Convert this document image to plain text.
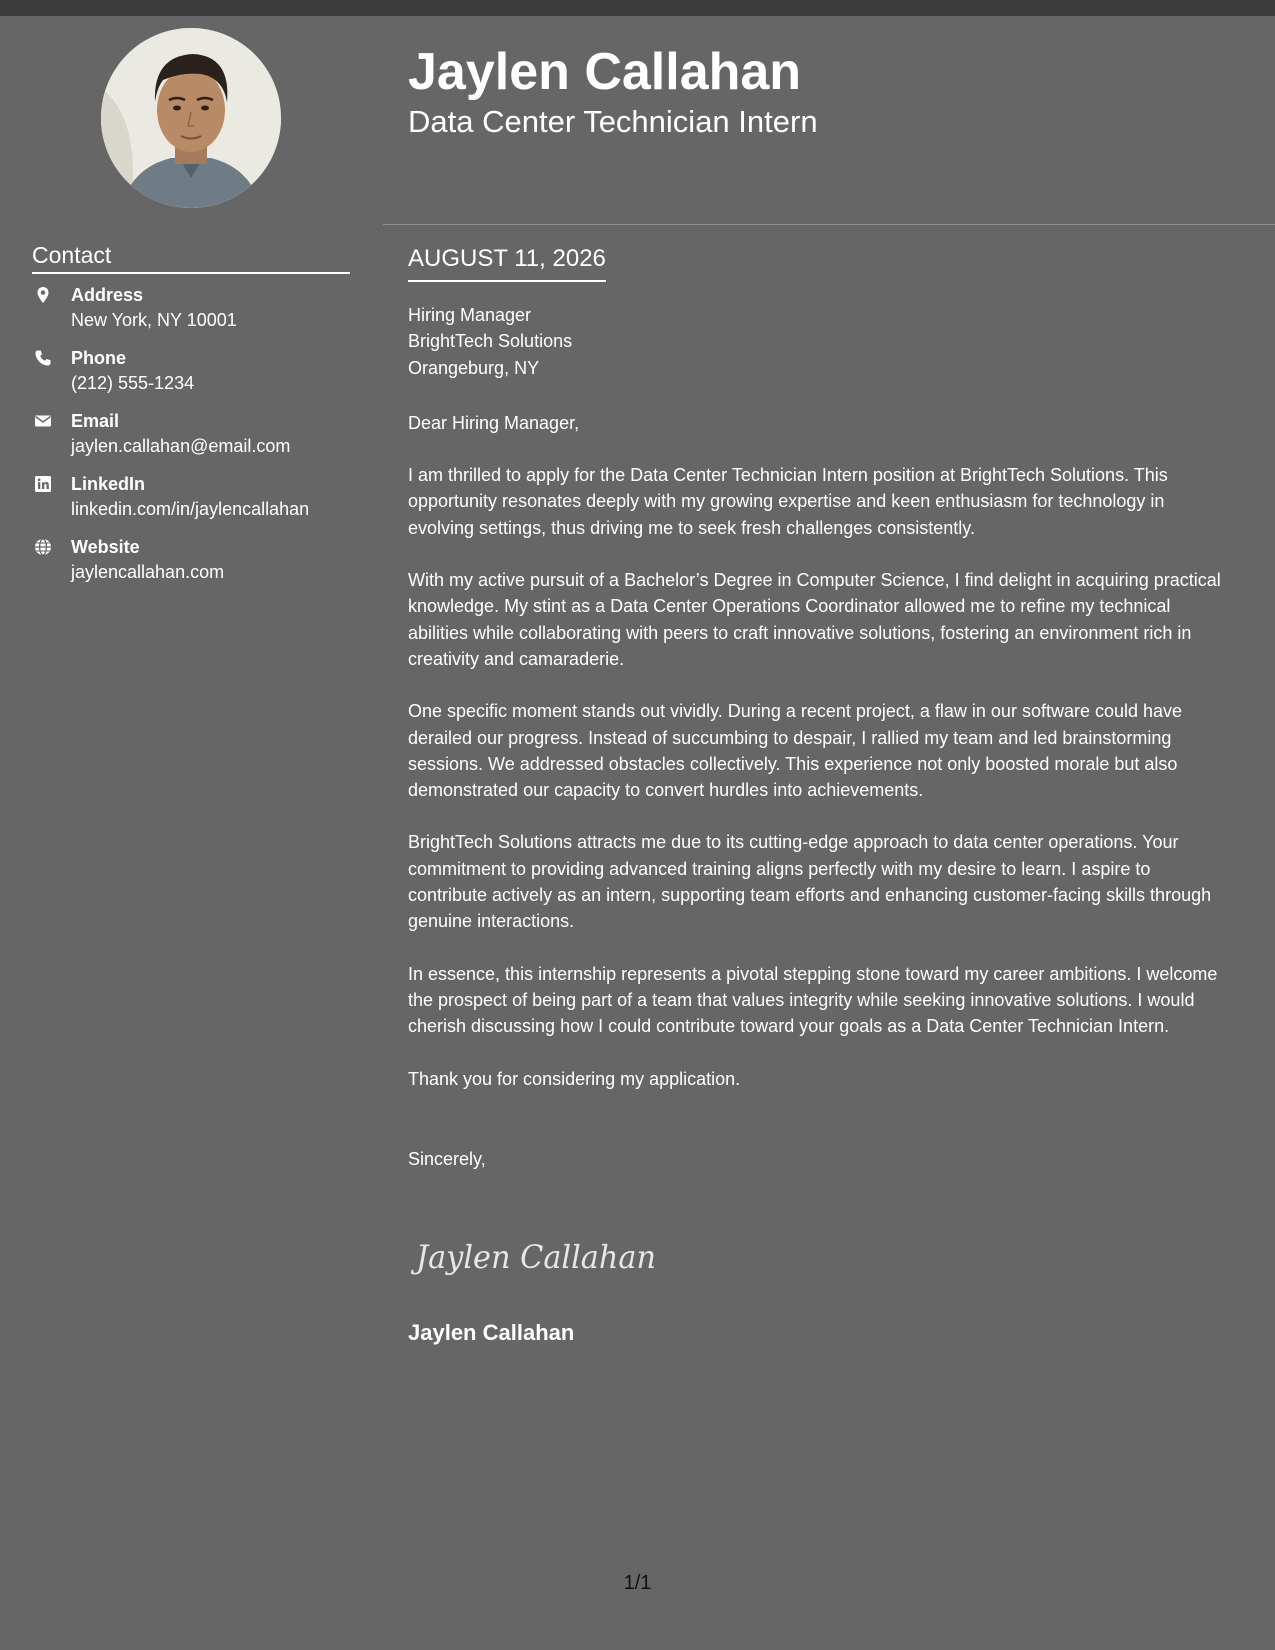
Contact
Address
New York, NY 10001
Phone
(212) 555-1234
Email
jaylen.callahan@email.com
LinkedIn
linkedin.com/in/jaylencallahan
Website
jaylencallahan.com
Jaylen Callahan
Data Center Technician Intern
AUGUST 11, 2026

Hiring Manager
BrightTech Solutions
Orangeburg, NY

Dear Hiring Manager,

I am thrilled to apply for the Data Center Technician Intern position at BrightTech Solutions. This opportunity resonates deeply with my growing expertise and keen enthusiasm for technology in evolving settings, thus driving me to seek fresh challenges consistently.

With my active pursuit of a Bachelor’s Degree in Computer Science, I find delight in acquiring practical knowledge. My stint as a Data Center Operations Coordinator allowed me to refine my technical abilities while collaborating with peers to craft innovative solutions, fostering an environment rich in creativity and camaraderie.

One specific moment stands out vividly. During a recent project, a flaw in our software could have derailed our progress. Instead of succumbing to despair, I rallied my team and led brainstorming sessions. We addressed obstacles collectively. This experience not only boosted morale but also demonstrated our capacity to convert hurdles into achievements.

BrightTech Solutions attracts me due to its cutting-edge approach to data center operations. Your commitment to providing advanced training aligns perfectly with my desire to learn. I aspire to contribute actively as an intern, supporting team efforts and enhancing customer-facing skills through genuine interactions.

In essence, this internship represents a pivotal stepping stone toward my career ambitions. I welcome the prospect of being part of a team that values integrity while seeking innovative solutions. I would cherish discussing how I could contribute toward your goals as a Data Center Technician Intern.

Thank you for considering my application.

Sincerely,

Jaylen Callahan
Jaylen Callahan
1/1
